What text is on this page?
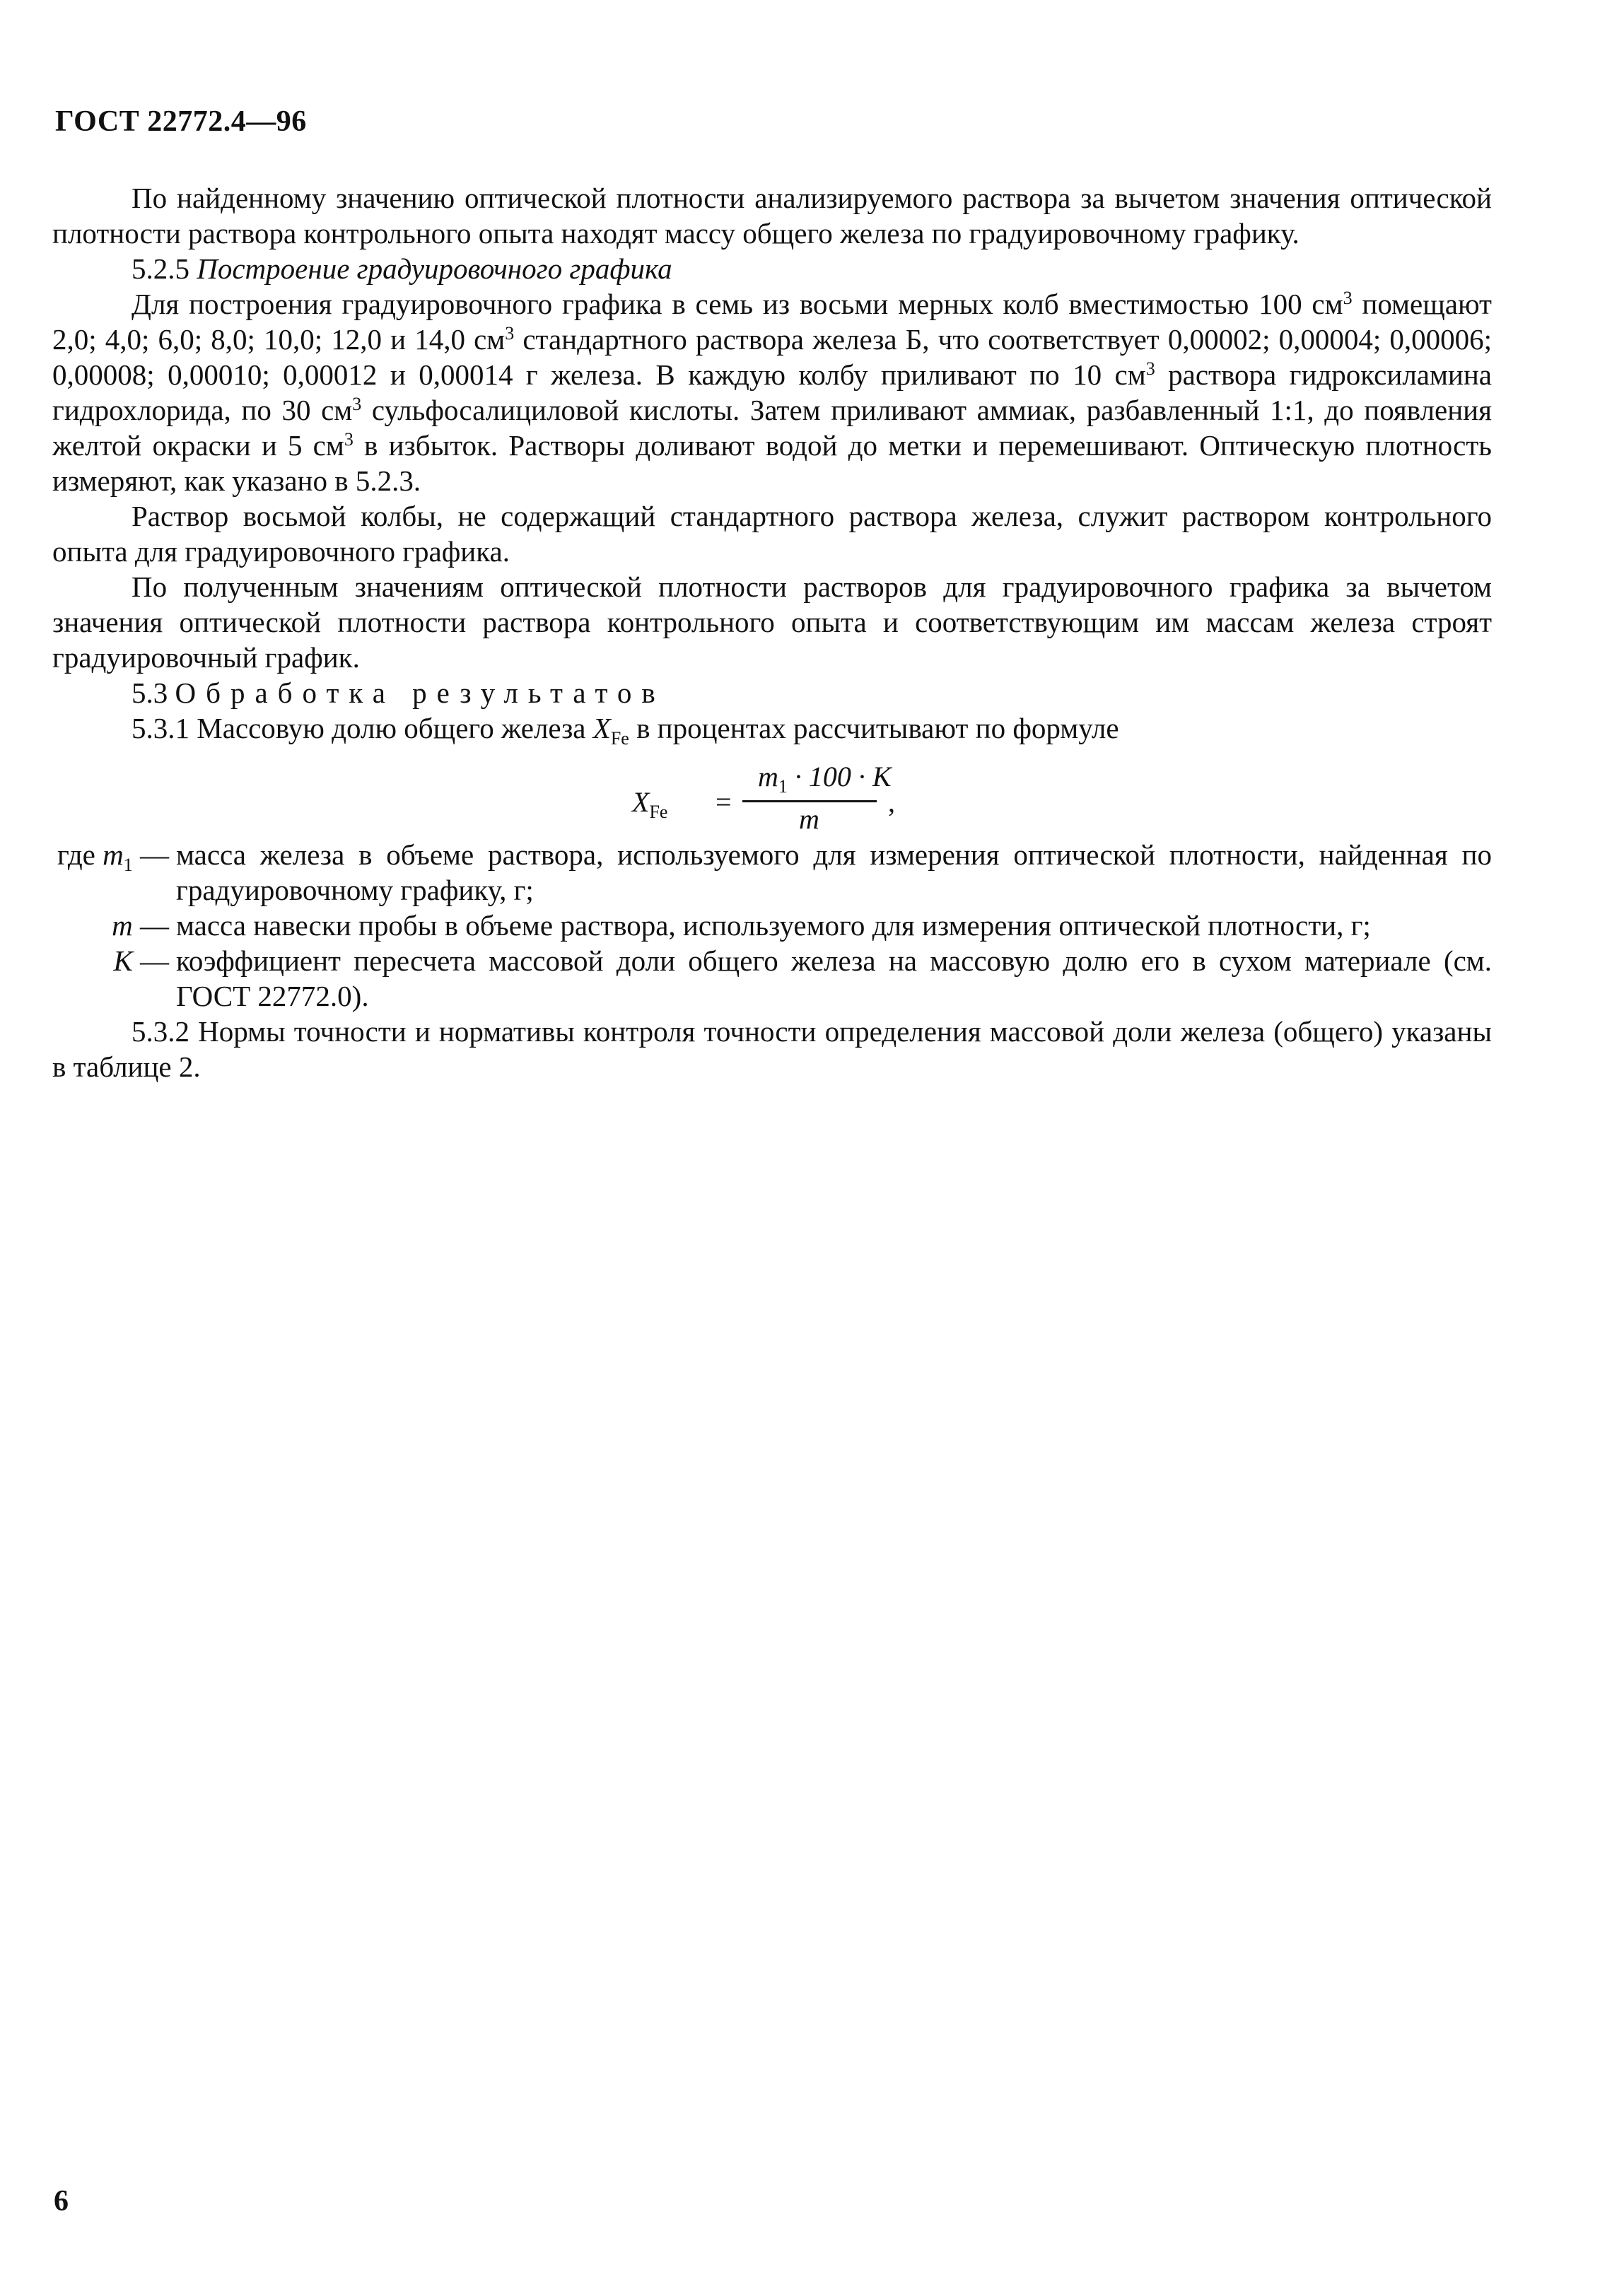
ГОСТ 22772.4—96

По найденному значению оптической плотности анализируемого раствора за вычетом значения оптической плотности раствора контрольного опыта находят массу общего железа по градуировочному графику.

5.2.5 Построение градуировочного графика

Для построения градуировочного графика в семь из восьми мерных колб вместимостью 100 $см^3$ помещают 2,0; 4,0; 6,0; 8,0; 10,0; 12,0 и 14,0 $см^3$ стандартного раствора железа Б, что соответствует 0,00002; 0,00004; 0,00006; 0,00008; 0,00010; 0,00012 и 0,00014 г железа. В каждую колбу приливают по 10 $см^3$ раствора гидроксиламина гидрохлорида, по 30 $см^3$ сульфосалициловой кислоты. Затем приливают аммиак, разбавленный 1:1, до появления желтой окраски и 5 $см^3$ в избыток. Растворы доливают водой до метки и перемешивают. Оптическую плотность измеряют, как указано в 5.2.3.

Раствор восьмой колбы, не содержащий стандартного раствора железа, служит раствором контрольного опыта для градуировочного графика.

По полученным значениям оптической плотности растворов для градуировочного графика за вычетом значения оптической плотности раствора контрольного опыта и соответствующим им массам железа строят градуировочный график.

5.3 Обработка результатов

5.3.1 Массовую долю общего железа $X_{Fe}$ в процентах рассчитывают по формуле

$X_{Fe}$ =
$m_1 \cdot 100 \cdot K$
m
,
где $m_1$ — масса железа в объеме раствора, используемого для измерения оптической плотности, найденная по градуировочному графику, г;
m — масса навески пробы в объеме раствора, используемого для измерения оптической плотности, г;
K — коэффициент пересчета массовой доли общего железа на массовую долю его в сухом материале (см. ГОСТ 22772.0).

5.3.2 Нормы точности и нормативы контроля точности определения массовой доли железа (общего) указаны в таблице 2.

6
